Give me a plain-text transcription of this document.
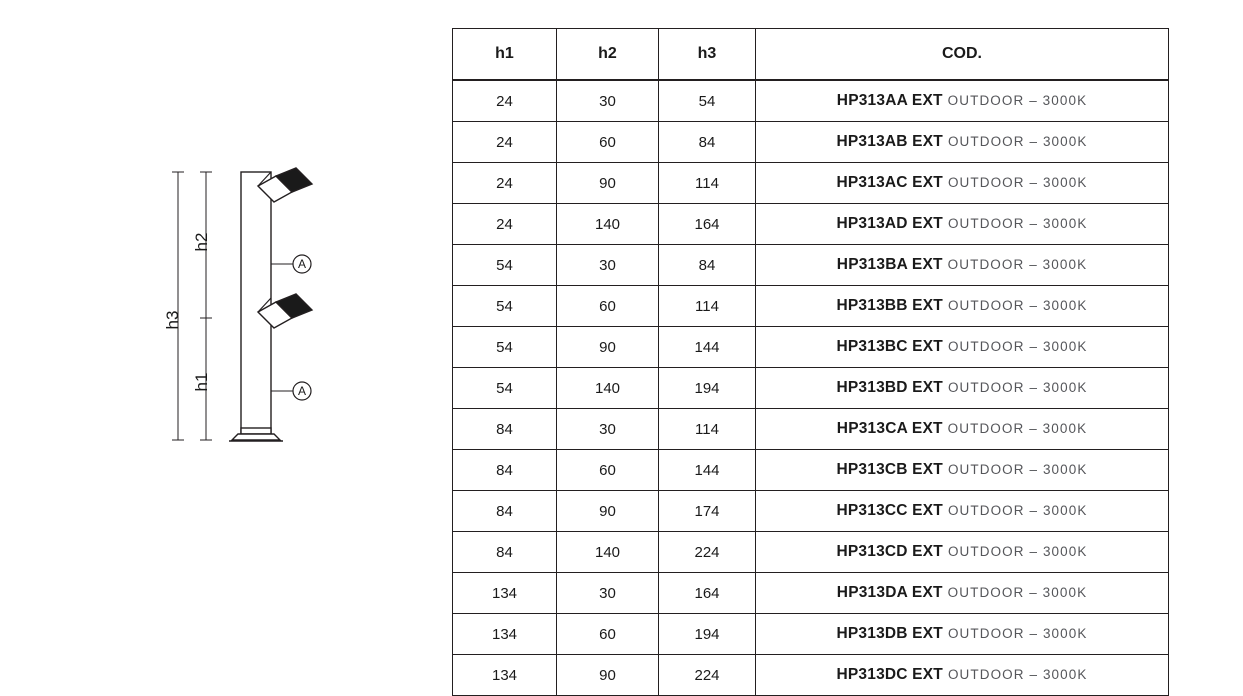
h3
h2
h1
A
A
h1	h2	h3	COD.
24	30	54	HP313AA EXT OUTDOOR – 3000K
24	60	84	HP313AB EXT OUTDOOR – 3000K
24	90	114	HP313AC EXT OUTDOOR – 3000K
24	140	164	HP313AD EXT OUTDOOR – 3000K
54	30	84	HP313BA EXT OUTDOOR – 3000K
54	60	114	HP313BB EXT OUTDOOR – 3000K
54	90	144	HP313BC EXT OUTDOOR – 3000K
54	140	194	HP313BD EXT OUTDOOR – 3000K
84	30	114	HP313CA EXT OUTDOOR – 3000K
84	60	144	HP313CB EXT OUTDOOR – 3000K
84	90	174	HP313CC EXT OUTDOOR – 3000K
84	140	224	HP313CD EXT OUTDOOR – 3000K
134	30	164	HP313DA EXT OUTDOOR – 3000K
134	60	194	HP313DB EXT OUTDOOR – 3000K
134	90	224	HP313DC EXT OUTDOOR – 3000K
